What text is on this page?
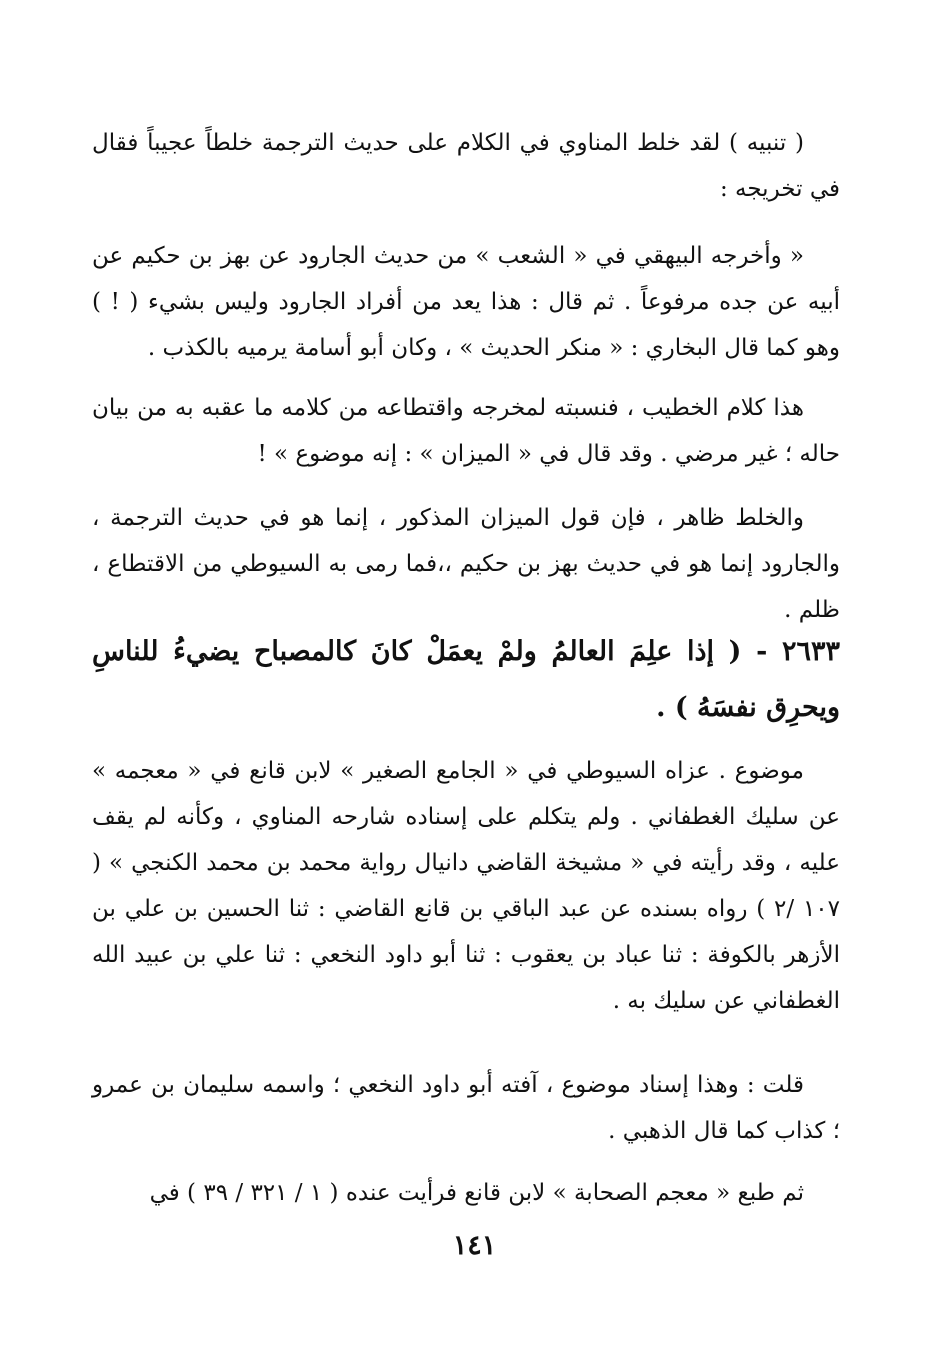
( تنبيه ) لقد خلط المناوي في الكلام على حديث الترجمة خلطاً عجيباً فقال في تخريجه :
« وأخرجه البيهقي في « الشعب » من حديث الجارود عن بهز بن حكيم عن أبيه عن جده مرفوعاً . ثم قال : هذا يعد من أفراد الجارود وليس بشيء ( ! ) وهو كما قال البخاري : « منكر الحديث » ، وكان أبو أسامة يرميه بالكذب .
هذا كلام الخطيب ، فنسبته لمخرجه واقتطاعه من كلامه ما عقبه به من بيان حاله ؛ غير مرضي . وقد قال في « الميزان » : إنه موضوع » !
والخلط ظاهر ، فإن قول الميزان المذكور ، إنما هو في حديث الترجمة ، والجارود إنما هو في حديث بهز بن حكيم ،،فما رمى به السيوطي من الاقتطاع ، ظلم .
٢٦٣٣ - ( إذا علِمَ العالمُ ولمْ يعمَلْ كانَ كالمصباح يضيءُ للناسِ ويحرِق نفسَهُ ) .
موضوع . عزاه السيوطي في « الجامع الصغير » لابن قانع في « معجمه » عن سليك الغطفاني . ولم يتكلم على إسناده شارحه المناوي ، وكأنه لم يقف عليه ، وقد رأيته في « مشيخة القاضي دانيال رواية محمد بن محمد الكنجي » ( ١٠٧ /٢ ) رواه بسنده عن عبد الباقي بن قانع القاضي : ثنا الحسين بن علي بن الأزهر بالكوفة : ثنا عباد بن يعقوب : ثنا أبو داود النخعي : ثنا علي بن عبيد الله الغطفاني عن سليك به .
قلت : وهذا إسناد موضوع ، آفته أبو داود النخعي ؛ واسمه سليمان بن عمرو ؛ كذاب كما قال الذهبي .
ثم طبع « معجم الصحابة » لابن قانع فرأيت عنده ( ١ / ٣٢١ / ٣٩ ) في
١٤١
